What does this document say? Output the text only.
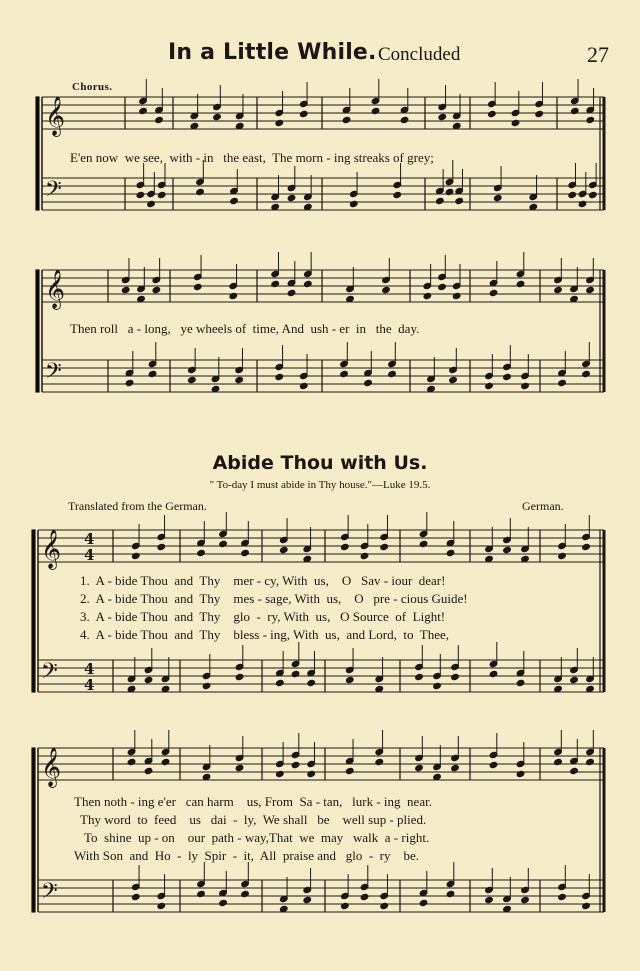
In a Little While. Concluded	27
Chorus.
𝄞
𝄢
𝄞
𝄢
𝄞
𝄢
𝄞
𝄢
4
4
4
4
E'en now  we see,  with - in   the east,  The morn - ing streaks of grey;
Then roll   a - long,   ye wheels of  time, And  ush - er  in   the  day.
Abide Thou with Us.
" To-day I must abide in Thy house."—Luke 19.5.
Translated from the German.	German.
1.  A - bide Thou  and  Thy    mer - cy, With  us,    O   Sav - iour  dear!
2.  A - bide Thou  and  Thy    mes - sage, With  us,    O   pre - cious Guide!
3.  A - bide Thou  and  Thy    glo  -  ry, With  us,   O Source  of  Light!
4.  A - bide Thou  and  Thy    bless - ing, With  us,  and Lord,  to  Thee,
Then noth - ing e'er   can harm    us, From  Sa - tan,   lurk - ing  near.
Thy word  to  feed    us   dai  -  ly,  We shall   be    well sup - plied.
To  shine  up - on    our  path - way,That  we  may   walk  a - right.
With Son  and  Ho  -  ly  Spir  -  it,  All  praise and   glo  -  ry    be.
